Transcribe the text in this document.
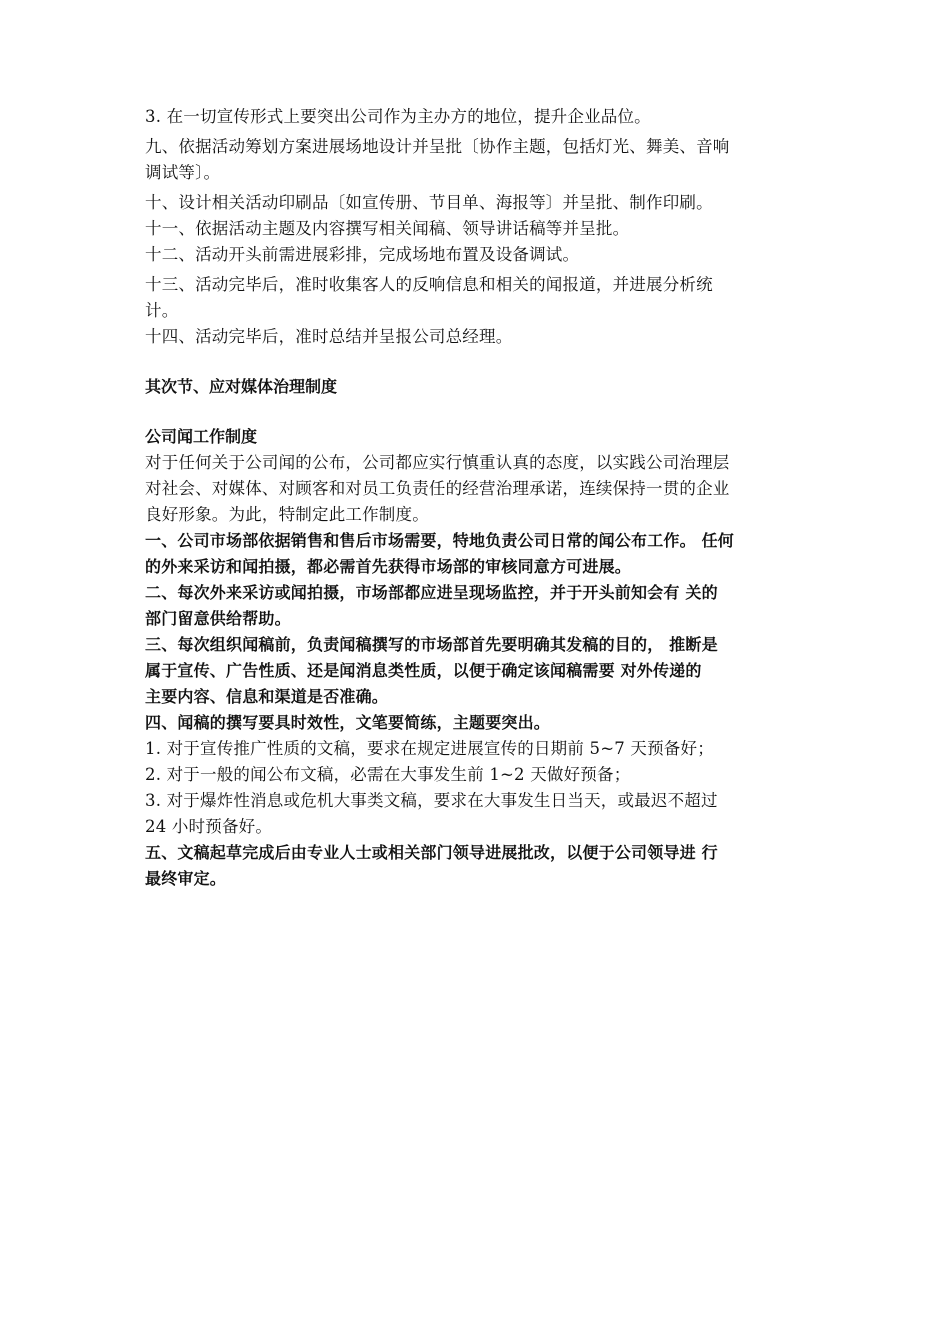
3. 在一切宣传形式上要突出公司作为主办方的地位，提升企业品位。

九、依据活动筹划方案进展场地设计并呈批〔协作主题，包括灯光、舞美、音响

调试等〕。

十、设计相关活动印刷品〔如宣传册、节目单、海报等〕并呈批、制作印刷。

十一、依据活动主题及内容撰写相关闻稿、领导讲话稿等并呈批。

十二、活动开头前需进展彩排，完成场地布置及设备调试。

十三、活动完毕后，准时收集客人的反响信息和相关的闻报道，并进展分析统

计。

十四、活动完毕后，准时总结并呈报公司总经理。

其次节、应对媒体治理制度

公司闻工作制度

对于任何关于公司闻的公布，公司都应实行慎重认真的态度，以实践公司治理层

对社会、对媒体、对顾客和对员工负责任的经营治理承诺，连续保持一贯的企业

良好形象。为此，特制定此工作制度。

一、公司市场部依据销售和售后市场需要，特地负责公司日常的闻公布工作。 任何

的外来采访和闻拍摄，都必需首先获得市场部的审核同意方可进展。

二、每次外来采访或闻拍摄，市场部都应进呈现场监控，并于开头前知会有 关的

部门留意供给帮助。

三、每次组织闻稿前，负责闻稿撰写的市场部首先要明确其发稿的目的， 推断是

属于宣传、广告性质、还是闻消息类性质，以便于确定该闻稿需要 对外传递的

主要内容、信息和渠道是否准确。

四、闻稿的撰写要具时效性，文笔要简练，主题要突出。

1. 对于宣传推广性质的文稿，要求在规定进展宣传的日期前 5~7 天预备好；

2. 对于一般的闻公布文稿，必需在大事发生前 1~2 天做好预备；

3. 对于爆炸性消息或危机大事类文稿，要求在大事发生日当天，或最迟不超过

24 小时预备好。

五、文稿起草完成后由专业人士或相关部门领导进展批改，以便于公司领导进 行

最终审定。
